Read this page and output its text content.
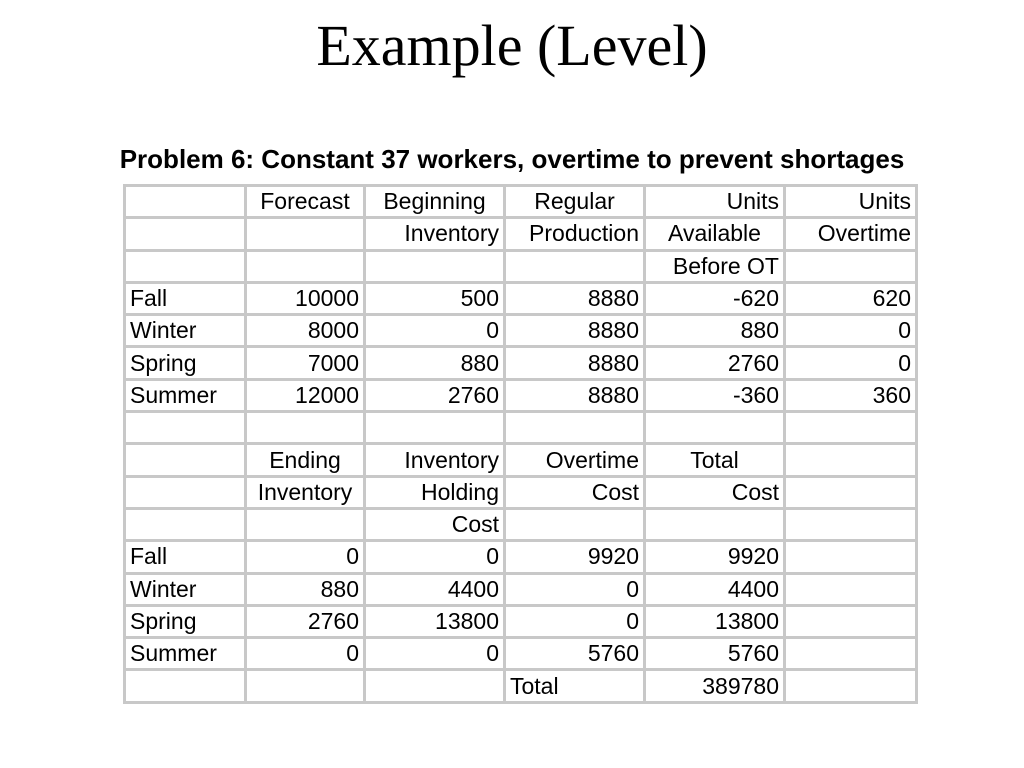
Example (Level)
Problem 6: Constant 37 workers, overtime to prevent shortages
	Forecast	Beginning	Regular	Units	Units
		Inventory	Production	Available	Overtime
				Before OT	
Fall	10000	500	8880	-620	620
Winter	8000	0	8880	880	0
Spring	7000	880	8880	2760	0
Summer	12000	2760	8880	-360	360

	Ending	Inventory	Overtime	Total	
	Inventory	Holding	Cost	Cost	
		Cost			
Fall	0	0	9920	9920	
Winter	880	4400	0	4400	
Spring	2760	13800	0	13800	
Summer	0	0	5760	5760	
			Total	389780	
